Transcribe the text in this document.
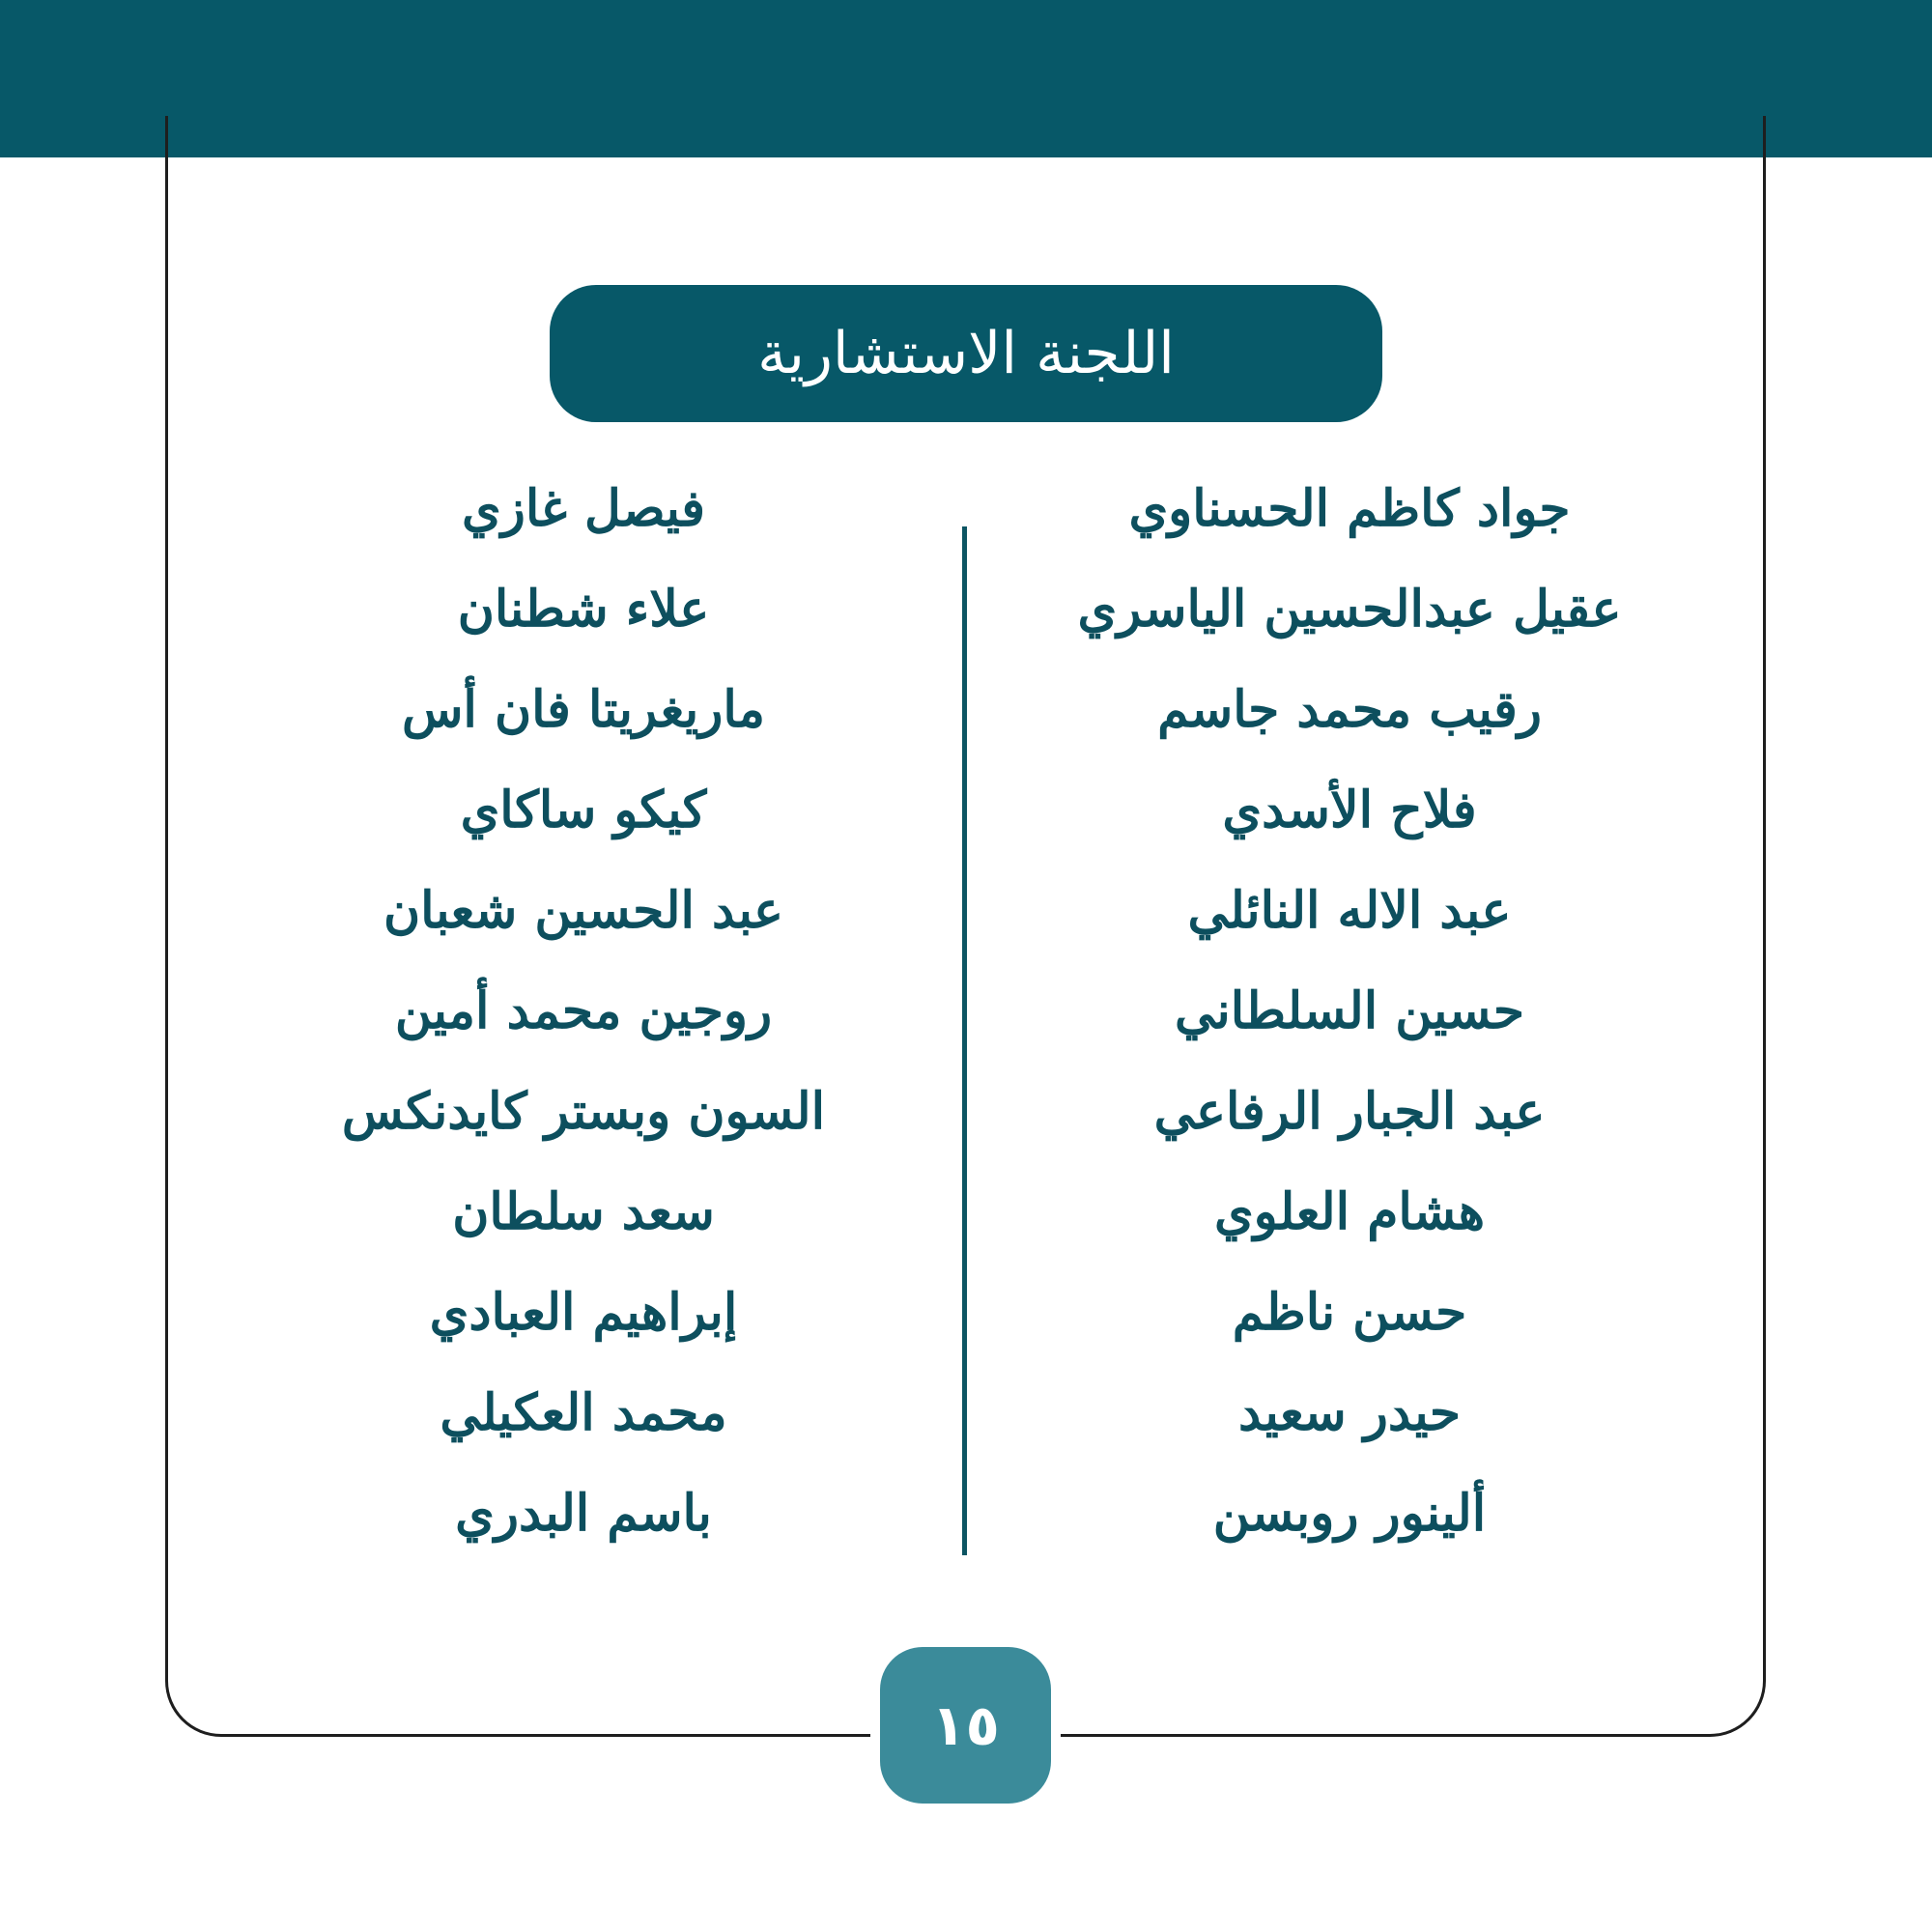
اللجنة الاستشارية
جواد كاظم الحسناوي
عقيل عبدالحسين الياسري
رقيب محمد جاسم
فلاح الأسدي
عبد الاله النائلي
حسين السلطاني
عبد الجبار الرفاعي
هشام العلوي
حسن ناظم
حيدر سعيد
ألينور روبسن
فيصل غازي
علاء شطنان
ماريغريتا فان أس
كيكو ساكاي
عبد الحسين شعبان
روجين محمد أمين
السون وبستر كايدنكس
سعد سلطان
إبراهيم العبادي
محمد العكيلي
باسم البدري
١٥
